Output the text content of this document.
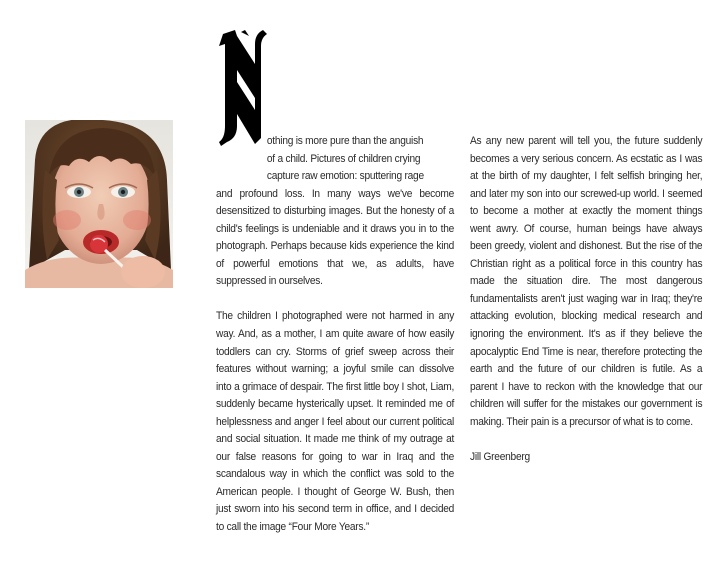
othing is more pure than the anguish
of a child. Pictures of children crying
capture raw emotion: sputtering rage
and profound loss. In many ways we've become desensitized to disturbing images. But the honesty of a child's feelings is undeniable and it draws you in to the photograph. Perhaps because kids experience the kind of powerful emotions that we, as adults, have suppressed in ourselves.

The children I photographed were not harmed in any way. And, as a mother, I am quite aware of how easily toddlers can cry. Storms of grief sweep across their features without warning; a joyful smile can dissolve into a grimace of despair. The first little boy I shot, Liam, suddenly became hysterically upset. It reminded me of helplessness and anger I feel about our current political and social situation. It made me think of my outrage at our false reasons for going to war in Iraq and the scandalous way in which the conflict was sold to the American people. I thought of George W. Bush, then just sworn into his second term in office, and I decided to call the image “Four More Years.”

As any new parent will tell you, the future suddenly becomes a very serious concern. As ecstatic as I was at the birth of my daughter, I felt selfish bringing her, and later my son into our screwed-up world. I seemed to become a mother at exactly the moment things went awry. Of course, human beings have always been greedy, violent and dishonest. But the rise of the Christian right as a political force in this country has made the situation dire. The most dangerous fundamentalists aren't just waging war in Iraq; they're attacking evolution, blocking medical research and ignoring the environment. It's as if they believe the apocalyptic End Time is near, therefore protecting the earth and the future of our children is futile. As a parent I have to reckon with the knowledge that our children will suffer for the mistakes our government is making. Their pain is a precursor of what is to come.

Jill Greenberg
